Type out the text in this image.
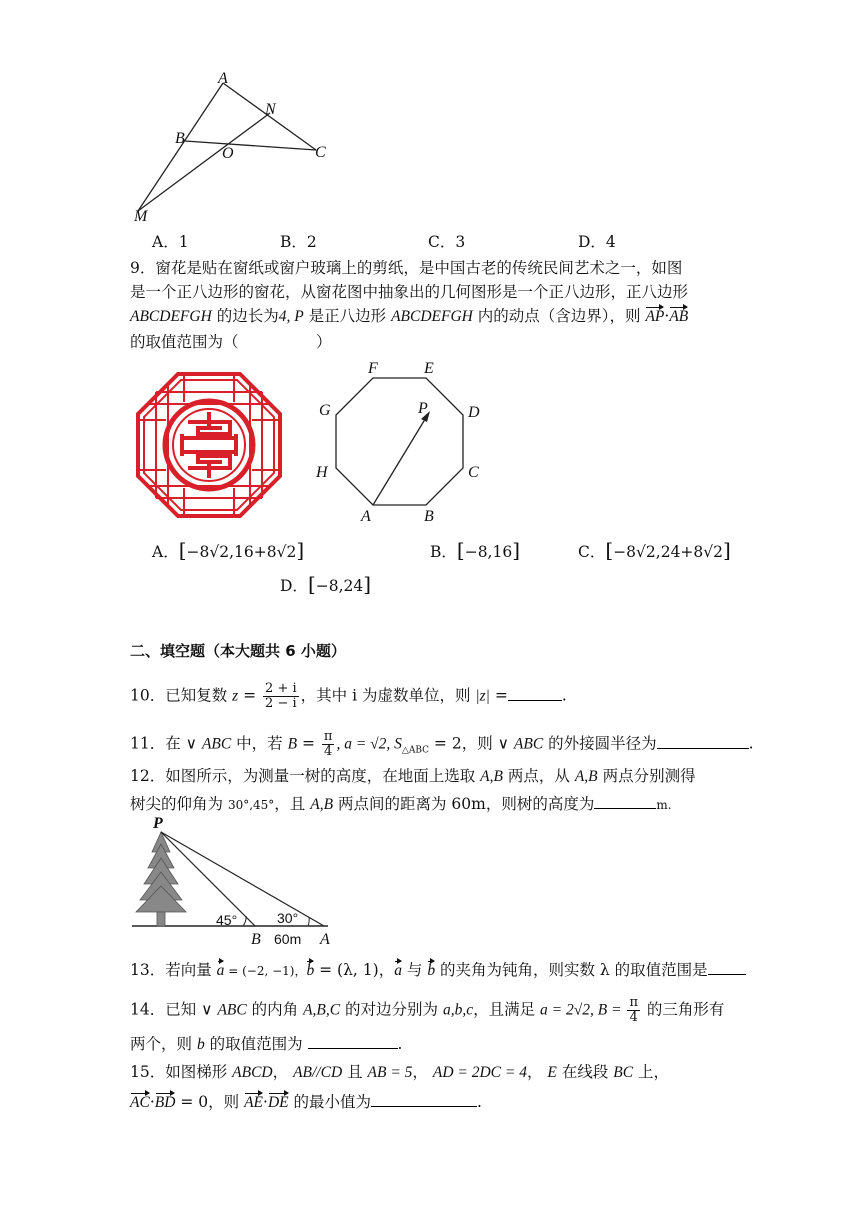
A
N
B
O	C
M
A．1	B．2	C．3	D．4
9．窗花是贴在窗纸或窗户玻璃上的剪纸，是中国古老的传统民间艺术之一，如图
是一个正八边形的窗花，从窗花图中抽象出的几何图形是一个正八边形，正八边形
ABCDEFGH 的边长为4, P 是正八边形 ABCDEFGH 内的动点（含边界），则 AP·AB
的取值范围为（　　　　　）
F	E
G	P	D
H	C
A	B
A．[−8√2,16+8√2]	B．[−8,16]	C．[−8√2,24+8√2]
D．[−8,24]
二、填空题（本大题共 6 小题）
10．已知复数 $z = \frac{2 + i}{2 - i}$ ，其中 i 为虚数单位，则 |z| =	.
11．在 ∨ ABC 中，若 $B = \frac{\pi}{4}$ , a = √2, $S_{\triangle ABC} = 2$，则 ∨ ABC 的外接圆半径为	.
12．如图所示，为测量一树的高度，在地面上选取 A,B 两点，从 A,B 两点分别测得
树尖的仰角为 30°,45°，且 A,B 两点间的距离为 60m，则树的高度为	m.
P
45°	30°
B 60m A
13．若向量 a = (−2, −1)，b = (λ, 1)，a 与 b 的夹角为钝角，则实数 λ 的取值范围是
14．已知 ∨ ABC 的内角 A,B,C 的对边分别为 a,b,c，且满足 a = 2√2, $B = \frac{\pi}{4}$ 的三角形有
两个，则 b 的取值范围为	.
15．如图梯形 ABCD， AB//CD 且 AB = 5， AD = 2DC = 4， E 在线段 BC 上，
AC·BD = 0，则 AE·DE 的最小值为	.
